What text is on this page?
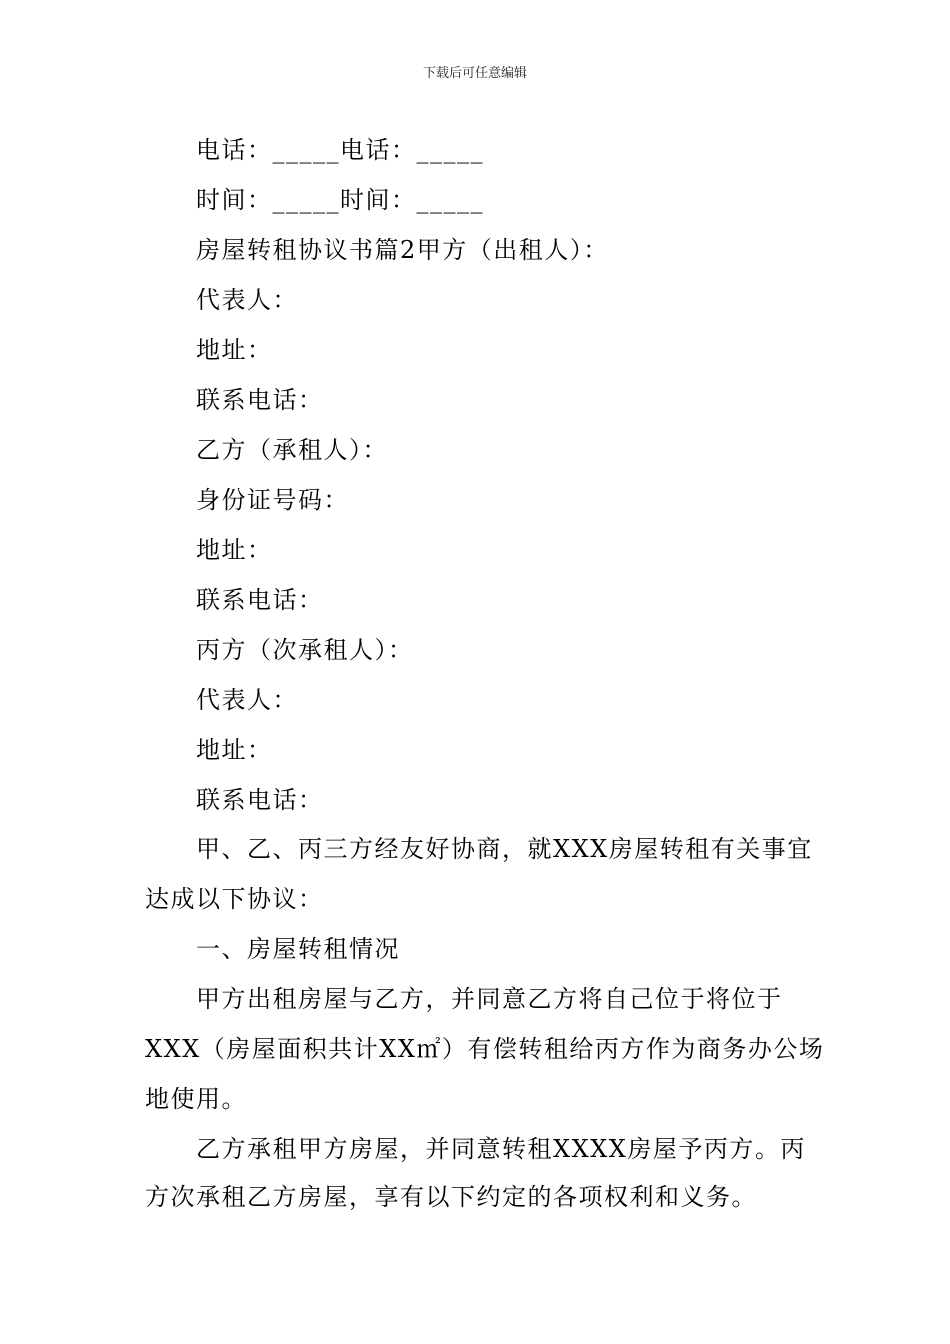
下载后可任意编辑
电话：_____电话：_____
时间：_____时间：_____
房屋转租协议书篇2甲方（出租人）：
代表人：
地址：
联系电话：
乙方（承租人）：
身份证号码：
地址：
联系电话：
丙方（次承租人）：
代表人：
地址：
联系电话：
甲、乙、丙三方经友好协商，就XXX房屋转租有关事宜
达成以下协议：
一、房屋转租情况
甲方出租房屋与乙方，并同意乙方将自己位于将位于
XXX（房屋面积共计XX㎡）有偿转租给丙方作为商务办公场
地使用。
乙方承租甲方房屋，并同意转租XXXX房屋予丙方。丙
方次承租乙方房屋，享有以下约定的各项权利和义务。
